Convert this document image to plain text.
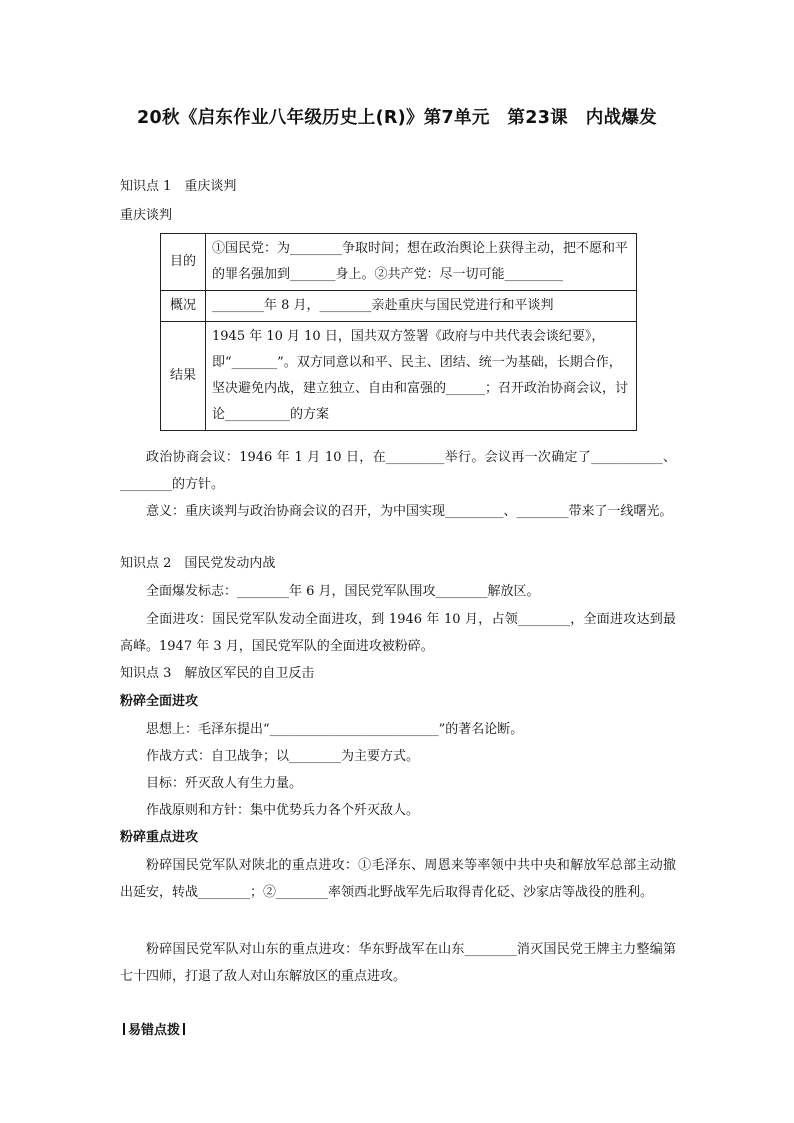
20秋《启东作业八年级历史上(R)》第7单元　第23课　内战爆发
知识点 1　重庆谈判
重庆谈判
目的	①国民党：为________争取时间；想在政治舆论上获得主动，把不愿和平的罪名强加到_______身上。②共产党：尽一切可能_________
概况	________年 8 月，________亲赴重庆与国民党进行和平谈判
结果	1945 年 10 月 10 日，国共双方签署《政府与中共代表会谈纪要》，即“_______”。双方同意以和平、民主、团结、统一为基础，长期合作，坚决避免内战，建立独立、自由和富强的______；召开政治协商会议，讨论__________的方案
政治协商会议：1946 年 1 月 10 日，在_________举行。会议再一次确定了___________、________的方针。
意义：重庆谈判与政治协商会议的召开，为中国实现_________、________带来了一线曙光。
知识点 2　国民党发动内战
全面爆发标志：________年 6 月，国民党军队围攻________解放区。
全面进攻：国民党军队发动全面进攻，到 1946 年 10 月，占领________，全面进攻达到最高峰。1947 年 3 月，国民党军队的全面进攻被粉碎。
知识点 3　解放区军民的自卫反击
粉碎全面进攻
思想上：毛泽东提出“__________________________”的著名论断。
作战方式：自卫战争；以________为主要方式。
目标：歼灭敌人有生力量。
作战原则和方针：集中优势兵力各个歼灭敌人。
粉碎重点进攻
粉碎国民党军队对陕北的重点进攻：①毛泽东、周恩来等率领中共中央和解放军总部主动撤出延安，转战________；②________率领西北野战军先后取得青化砭、沙家店等战役的胜利。
粉碎国民党军队对山东的重点进攻：华东野战军在山东________消灭国民党王牌主力整编第七十四师，打退了敌人对山东解放区的重点进攻。
易错点拨
